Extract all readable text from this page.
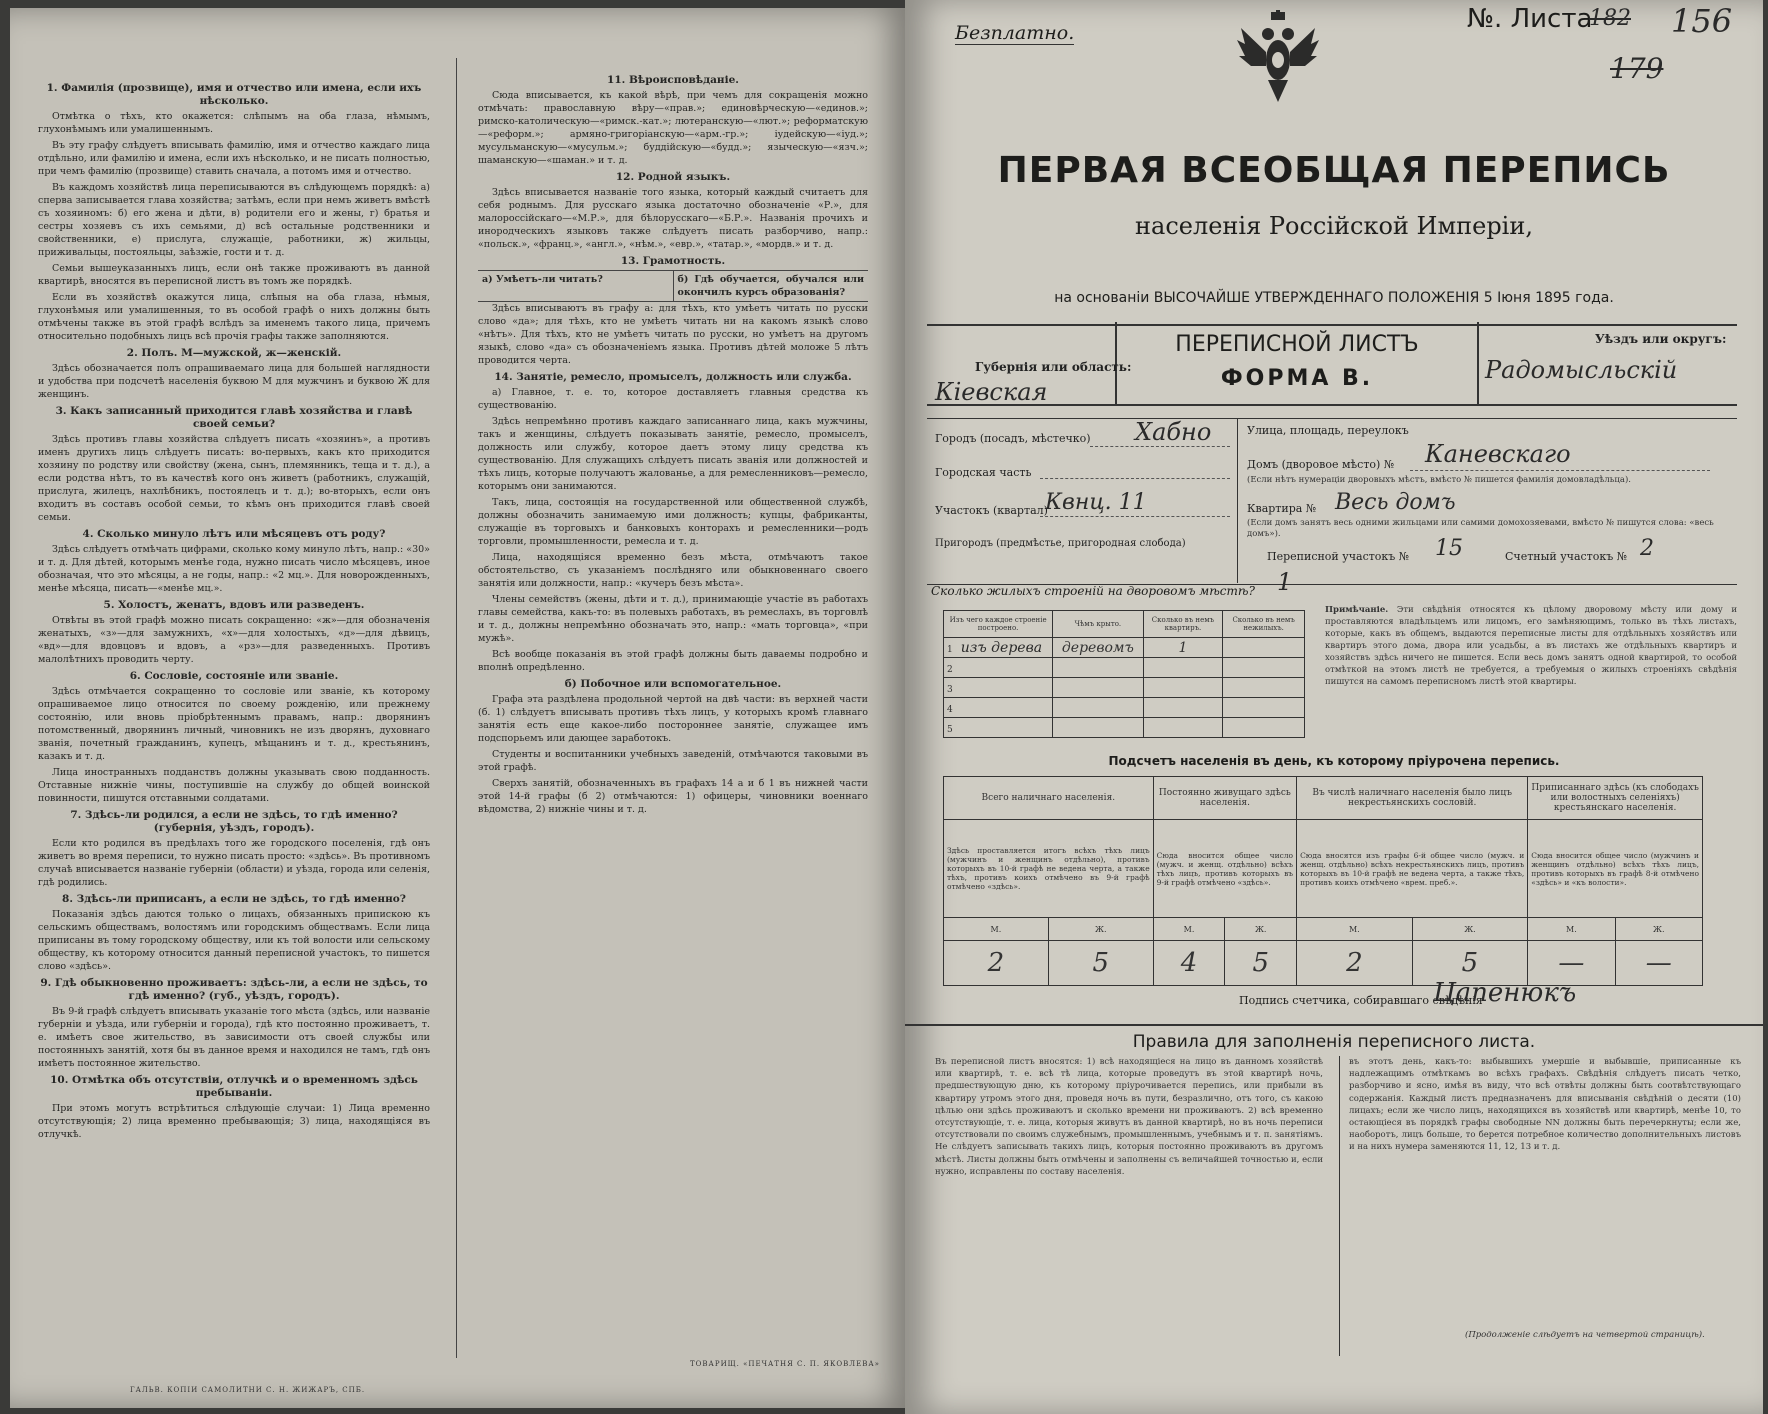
1. Фамилія (прозвище), имя и отчество или имена, если ихъ нѣсколько.

Отмѣтка о тѣхъ, кто окажется: слѣпымъ на оба глаза, нѣмымъ, глухонѣмымъ или умалишеннымъ.

Въ эту графу слѣдуетъ вписывать фамилію, имя и отчество каждаго лица отдѣльно, или фамилію и имена, если ихъ нѣсколько, и не писать полностью, при чемъ фамилію (прозвище) ставить сначала, а потомъ имя и отчество.

Въ каждомъ хозяйствѣ лица переписываются въ слѣдующемъ порядкѣ: а) сперва записывается глава хозяйства; затѣмъ, если при немъ живетъ вмѣстѣ съ хозяиномъ: б) его жена и дѣти, в) родители его и жены, г) братья и сестры хозяевъ съ ихъ семьями, д) всѣ остальные родственники и свойственники, е) прислуга, служащіе, работники, ж) жильцы, приживальцы, постояльцы, заѣзжіе, гости и т. д.

Семьи вышеуказанныхъ лицъ, если онѣ также проживаютъ въ данной квартирѣ, вносятся въ переписной листъ въ томъ же порядкѣ.

Если въ хозяйствѣ окажутся лица, слѣпыя на оба глаза, нѣмыя, глухонѣмыя или умалишенныя, то въ особой графѣ о нихъ должны быть отмѣчены также въ этой графѣ вслѣдъ за именемъ такого лица, причемъ относительно подобныхъ лицъ всѣ прочія графы также заполняются.

2. Полъ. М—мужской, ж—женскій.

Здѣсь обозначается полъ опрашиваемаго лица для большей наглядности и удобства при подсчетѣ населенія буквою М для мужчинъ и буквою Ж для женщинъ.

3. Какъ записанный приходится главѣ хозяйства и главѣ своей семьи?

Здѣсь противъ главы хозяйства слѣдуетъ писать «хозяинъ», а противъ именъ другихъ лицъ слѣдуетъ писать: во-первыхъ, какъ кто приходится хозяину по родству или свойству (жена, сынъ, племянникъ, теща и т. д.), а если родства нѣтъ, то въ качествѣ кого онъ живетъ (работникъ, служащій, прислуга, жилецъ, нахлѣбникъ, постоялецъ и т. д.); во-вторыхъ, если онъ входитъ въ составъ особой семьи, то кѣмъ онъ приходится главѣ своей семьи.

4. Сколько минуло лѣтъ или мѣсяцевъ отъ роду?

Здѣсь слѣдуетъ отмѣчать цифрами, сколько кому минуло лѣтъ, напр.: «30» и т. д. Для дѣтей, которымъ менѣе года, нужно писать число мѣсяцевъ, иное обозначая, что это мѣсяцы, а не годы, напр.: «2 мц.». Для новорожденныхъ, менѣе мѣсяца, писать—«менѣе мц.».

5. Холостъ, женатъ, вдовъ или разведенъ.

Отвѣты въ этой графѣ можно писать сокращенно: «ж»—для обозначенія женатыхъ, «з»—для замужнихъ, «х»—для холостыхъ, «д»—для дѣвицъ, «вд»—для вдовцовъ и вдовъ, а «рз»—для разведенныхъ. Противъ малолѣтнихъ проводить черту.

6. Сословіе, состояніе или званіе.

Здѣсь отмѣчается сокращенно то сословіе или званіе, къ которому опрашиваемое лицо относится по своему рожденію, или прежнему состоянію, или вновь пріобрѣтеннымъ правамъ, напр.: дворянинъ потомственный, дворянинъ личный, чиновникъ не изъ дворянъ, духовнаго званія, почетный гражданинъ, купецъ, мѣщанинъ и т. д., крестьянинъ, казакъ и т. д.

Лица иностранныхъ подданствъ должны указывать свою подданность. Отставные нижніе чины, поступившіе на службу до общей воинской повинности, пишутся отставными солдатами.

7. Здѣсь-ли родился, а если не здѣсь, то гдѣ именно? (губернія, уѣздъ, городъ).

Если кто родился въ предѣлахъ того же городского поселенія, гдѣ онъ живетъ во время переписи, то нужно писать просто: «здѣсь». Въ противномъ случаѣ вписывается названіе губерніи (области) и уѣзда, города или селенія, гдѣ родились.

8. Здѣсь-ли приписанъ, а если не здѣсь, то гдѣ именно?

Показанія здѣсь даются только о лицахъ, обязанныхъ припискою къ сельскимъ обществамъ, волостямъ или городскимъ обществамъ. Если лица приписаны въ тому городскому обществу, или къ той волости или сельскому обществу, къ которому относится данный переписной участокъ, то пишется слово «здѣсь».

9. Гдѣ обыкновенно проживаетъ: здѣсь-ли, а если не здѣсь, то гдѣ именно? (губ., уѣздъ, городъ).

Въ 9-й графѣ слѣдуетъ вписывать указаніе того мѣста (здѣсь, или названіе губерніи и уѣзда, или губерніи и города), гдѣ кто постоянно проживаетъ, т. е. имѣетъ свое жительство, въ зависимости отъ своей службы или постоянныхъ занятій, хотя бы въ данное время и находился не тамъ, гдѣ онъ имѣетъ постоянное жительство.

10. Отмѣтка объ отсутствіи, отлучкѣ и о временномъ здѣсь пребываніи.

При этомъ могутъ встрѣтиться слѣдующіе случаи: 1) Лица временно отсутствующія; 2) лица временно пребывающія; 3) лица, находящіяся въ отлучкѣ.

11. Вѣроисповѣданіе.

Сюда вписывается, къ какой вѣрѣ, при чемъ для сокращенія можно отмѣчать: православную вѣру—«прав.»; единовѣрческую—«единов.»; римско-католическую—«римск.-кат.»; лютеранскую—«лют.»; реформатскую—«реформ.»; армяно-григоріанскую—«арм.-гр.»; іудейскую—«іуд.»; мусульманскую—«мусульм.»; буддійскую—«будд.»; языческую—«язч.»; шаманскую—«шаман.» и т. д.

12. Родной языкъ.

Здѣсь вписывается названіе того языка, который каждый считаетъ для себя роднымъ. Для русскаго языка достаточно обозначеніе «Р.», для малороссійскаго—«М.Р.», для бѣлорусскаго—«Б.Р.». Названія прочихъ и инородческихъ языковъ также слѣдуетъ писать разборчиво, напр.: «польск.», «франц.», «англ.», «нѣм.», «евр.», «татар.», «мордв.» и т. д.

13. Грамотность.
а) Умѣетъ-ли читать?	б) Гдѣ обучается, обучался или окончилъ курсъ образованія?

Здѣсь вписываютъ въ графу а: для тѣхъ, кто умѣетъ читать по русски слово «да»; для тѣхъ, кто не умѣетъ читать ни на какомъ языкѣ слово «нѣтъ». Для тѣхъ, кто не умѣетъ читать по русски, но умѣетъ на другомъ языкѣ, слово «да» съ обозначеніемъ языка. Противъ дѣтей моложе 5 лѣтъ проводится черта.

14. Занятіе, ремесло, промыселъ, должность или служба.

а) Главное, т. е. то, которое доставляетъ главныя средства къ существованію.

Здѣсь непремѣнно противъ каждаго записаннаго лица, какъ мужчины, такъ и женщины, слѣдуетъ показывать занятіе, ремесло, промыселъ, должность или службу, которое даетъ этому лицу средства къ существованію. Для служащихъ слѣдуетъ писать званія или должностей и тѣхъ лицъ, которые получаютъ жалованье, а для ремесленниковъ—ремесло, которымъ они занимаются.

Такъ, лица, состоящія на государственной или общественной службѣ, должны обозначить занимаемую ими должность; купцы, фабриканты, служащіе въ торговыхъ и банковыхъ конторахъ и ремесленники—родъ торговли, промышленности, ремесла и т. д.

Лица, находящіяся временно безъ мѣста, отмѣчаютъ такое обстоятельство, съ указаніемъ послѣдняго или обыкновеннаго своего занятія или должности, напр.: «кучеръ безъ мѣста».

Члены семействъ (жены, дѣти и т. д.), принимающіе участіе въ работахъ главы семейства, какъ-то: въ полевыхъ работахъ, въ ремеслахъ, въ торговлѣ и т. д., должны непремѣнно обозначать это, напр.: «мать торговца», «при мужѣ».

Всѣ вообще показанія въ этой графѣ должны быть даваемы подробно и вполнѣ опредѣленно.

б) Побочное или вспомогательное.

Графа эта раздѣлена продольной чертой на двѣ части: въ верхней части (б. 1) слѣдуетъ вписывать противъ тѣхъ лицъ, у которыхъ кромѣ главнаго занятія есть еще какое-либо постороннее занятіе, служащее имъ подспорьемъ или дающее заработокъ.

Студенты и воспитанники учебныхъ заведеній, отмѣчаются таковыми въ этой графѣ.

Сверхъ занятій, обозначенныхъ въ графахъ 14 а и б 1 въ нижней части этой 14-й графы (б 2) отмѣчаются: 1) офицеры, чиновники военнаго вѣдомства, 2) нижніе чины и т. д.

ГАЛЬВ. КОПІИ САМОЛИТНИ С. Н. ЖИЖАРЪ, СПБ.
ТОВАРИЩ. «ПЕЧАТНЯ С. П. ЯКОВЛЕВА»
Безплатно.	№. Листа
182 156
179
ПЕРВАЯ ВСЕОБЩАЯ ПЕРЕПИСЬ
населенія Россійской Имперіи,
на основаніи ВЫСОЧАЙШЕ УТВЕРЖДЕННАГО ПОЛОЖЕНІЯ 5 Іюня 1895 года.
ПЕРЕПИСНОЙ ЛИСТЪ
ФОРМА В.
Губернія или область:
Кіевская
Уѣздъ или округъ:
Радомысльскій
Городъ (посадъ, мѣстечко) Хабно
Городская часть
Участокъ (квартал)
Квнц. 11
Пригородъ (предмѣстье, пригородная слобода)
Улица, площадь, переулокъ
Домъ (дворовое мѣсто) № Каневскаго
(Если нѣтъ нумераціи дворовыхъ мѣстъ, вмѣсто № пишется фамилія домовладѣльца).
Квартира № Весь домъ
(Если домъ занятъ весь одними жильцами или самими домохозяевами, вмѣсто № пишутся слова: «весь домъ»).
Переписной участокъ № 15	Счетный участокъ № 2
Сколько жилыхъ строеній на дворовомъ мѣстѣ? 1
Изъ чего каждое строеніе построено.	Чѣмъ крыто.	Сколько въ немъ квартиръ.	Сколько въ немъ нежилыхъ.
1 изъ дерева	деревомъ	1	
2			
3			
4			
5			
Примѣчаніе. Эти свѣдѣнія относятся къ цѣлому дворовому мѣсту или дому и проставляются владѣльцемъ или лицомъ, его замѣняющимъ, только въ тѣхъ листахъ, которые, какъ въ общемъ, выдаются переписные листы для отдѣльныхъ хозяйствъ или квартиръ этого дома, двора или усадьбы, а въ листахъ же отдѣльныхъ квартиръ и хозяйствъ здѣсь ничего не пишется. Если весь домъ занятъ одной квартирой, то особой отмѣткой на этомъ листѣ не требуется, а требуемыя о жилыхъ строеніяхъ свѣдѣнія пишутся на самомъ переписномъ листѣ этой квартиры.
Подсчетъ населенія въ день, къ которому пріурочена перепись.
Всего наличнаго населенія.		Постоянно живущаго здѣсь населенія.		Въ числѣ наличнаго населенія было лицъ некрестьянскихъ сословій.		Приписаннаго здѣсь (къ слободахъ или волостныхъ селеніяхъ) крестьянскаго населенія.	
Здѣсь проставляется итогъ всѣхъ тѣхъ лицъ (мужчинъ и женщинъ отдѣльно), противъ которыхъ въ 10-й графѣ не ведена черта, а также тѣхъ, противъ коихъ отмѣчено въ 9-й графѣ отмѣчено «здѣсь».		Сюда вносится общее число (мужч. и женщ. отдѣльно) всѣхъ тѣхъ лицъ, противъ которыхъ въ 9-й графѣ отмѣчено «здѣсь».		Сюда вносятся изъ графы 6-й общее число (мужч. и женщ. отдѣльно) всѣхъ некрестьянскихъ лицъ, противъ которыхъ въ 10-й графѣ не ведена черта, а также тѣхъ, противъ коихъ отмѣчено «врем. преб.».		Сюда вносится общее число (мужчинъ и женщинъ отдѣльно) всѣхъ тѣхъ лицъ, противъ которыхъ въ графѣ 8-й отмѣчено «здѣсь» и «къ волости».	
М.	Ж.	М.	Ж.	М.	Ж.	М.	Ж.
2	5	4	5	2	5	—	—
Подпись счетчика, собиравшаго свѣдѣнія
Цапенюкъ
Правила для заполненія переписного листа.
Въ переписной листъ вносятся: 1) всѣ находящіеся на лицо въ данномъ хозяйствѣ или квартирѣ, т. е. всѣ тѣ лица, которые проведутъ въ этой квартирѣ ночь, предшествующую дню, къ которому пріурочивается перепись, или прибыли въ квартиру утромъ этого дня, проведя ночь въ пути, безразлично, отъ того, съ какою цѣлью они здѣсь проживаютъ и сколько времени ни проживаютъ. 2) всѣ временно отсутствующіе, т. е. лица, которыя живутъ въ данной квартирѣ, но въ ночь переписи отсутствовали по своимъ служебнымъ, промышленнымъ, учебнымъ и т. п. занятіямъ. Не слѣдуетъ записывать такихъ лицъ, которыя постоянно проживаютъ въ другомъ мѣстѣ. Листы должны быть отмѣчены и заполнены съ величайшей точностью и, если нужно, исправлены по составу населенія.
въ этотъ день, какъ-то: выбывшихъ умершіе и выбывшіе, приписанные къ надлежащимъ отмѣткамъ во всѣхъ графахъ. Свѣдѣнія слѣдуетъ писать четко, разборчиво и ясно, имѣя въ виду, что всѣ отвѣты должны быть соотвѣтствующаго содержанія. Каждый листъ предназначенъ для вписыванія свѣдѣній о десяти (10) лицахъ; если же число лицъ, находящихся въ хозяйствѣ или квартирѣ, менѣе 10, то остающіеся въ порядкѣ графы свободные NN должны быть перечеркнуты; если же, наоборотъ, лицъ больше, то берется потребное количество дополнительныхъ листовъ и на нихъ нумера заменяются 11, 12, 13 и т. д.
(Продолженіе слѣдуетъ на четвертой страницѣ).
